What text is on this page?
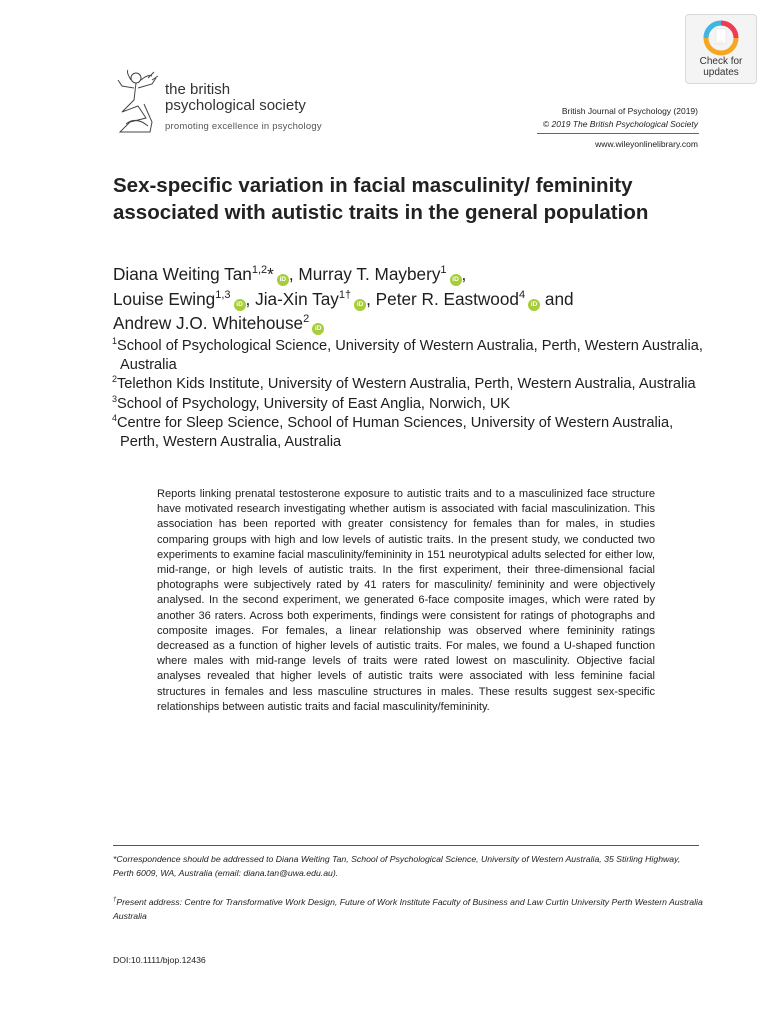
Check for
updates
the british
psychological society
promoting excellence in psychology
British Journal of Psychology (2019)
© 2019 The British Psychological Society
www.wileyonlinelibrary.com
Sex-specific variation in facial masculinity/ femininity associated with autistic traits in the general population
Diana Weiting Tan$^{1,2}$* iD , Murray T. Maybery$^1$iD ,
Louise Ewing$^{1,3}$iD , Jia-Xin Tay$^{1\dagger}$iD , Peter R. Eastwood$^4$iD and
Andrew J.O. Whitehouse$^2$iD
$^1$School of Psychological Science, University of Western Australia, Perth, Western Australia, Australia
$^2$Telethon Kids Institute, University of Western Australia, Perth, Western Australia, Australia
$^3$School of Psychology, University of East Anglia, Norwich, UK
$^4$Centre for Sleep Science, School of Human Sciences, University of Western Australia, Perth, Western Australia, Australia
Reports linking prenatal testosterone exposure to autistic traits and to a masculinized face structure have motivated research investigating whether autism is associated with facial masculinization. This association has been reported with greater consistency for females than for males, in studies comparing groups with high and low levels of autistic traits. In the present study, we conducted two experiments to examine facial masculinity/femininity in 151 neurotypical adults selected for either low, mid-range, or high levels of autistic traits. In the first experiment, their three-dimensional facial photographs were subjectively rated by 41 raters for masculinity/ femininity and were objectively analysed. In the second experiment, we generated 6-face composite images, which were rated by another 36 raters. Across both experiments, findings were consistent for ratings of photographs and composite images. For females, a linear relationship was observed where femininity ratings decreased as a function of higher levels of autistic traits. For males, we found a U-shaped function where males with mid-range levels of traits were rated lowest on masculinity. Objective facial analyses revealed that higher levels of autistic traits were associated with less feminine facial structures in females and less masculine structures in males. These results suggest sex-specific relationships between autistic traits and facial masculinity/femininity.
*Correspondence should be addressed to Diana Weiting Tan, School of Psychological Science, University of Western Australia, 35 Stirling Highway, Perth 6009, WA, Australia (email: diana.tan@uwa.edu.au).
†Present address: Centre for Transformative Work Design, Future of Work Institute Faculty of Business and Law Curtin University Perth Western Australia Australia
DOI:10.1111/bjop.12436
